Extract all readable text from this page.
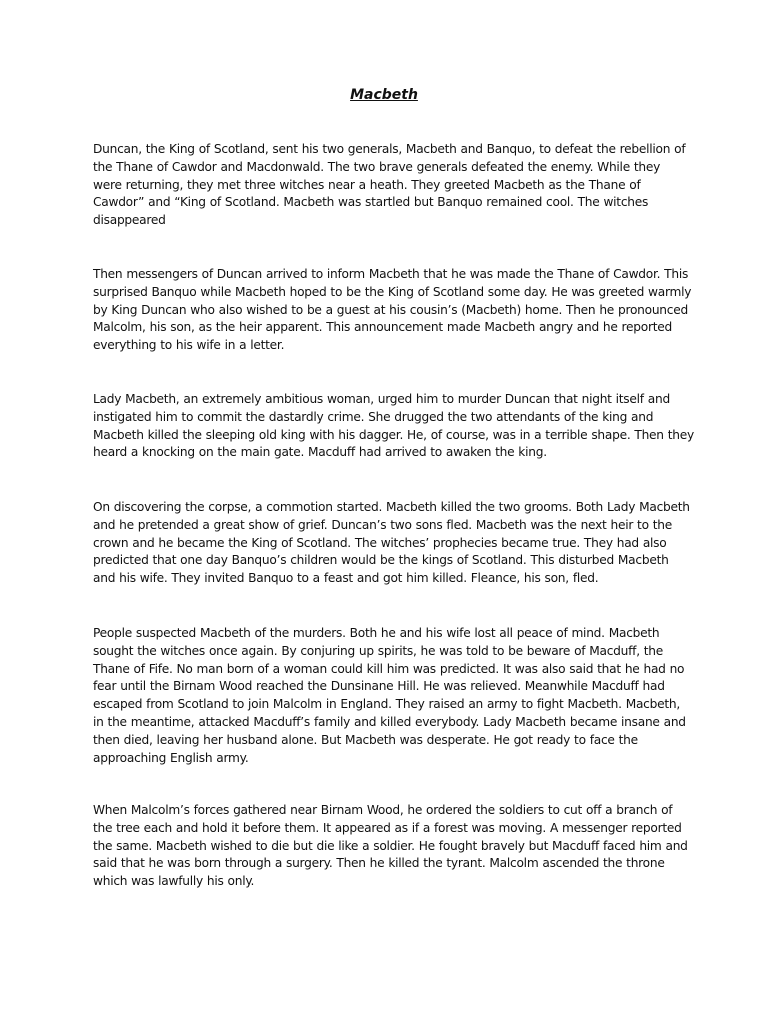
Macbeth

Duncan, the King of Scotland, sent his two generals, Macbeth and Banquo, to defeat the rebellion of
the Thane of Cawdor and Macdonwald. The two brave generals defeated the enemy. While they
were returning, they met three witches near a heath. They greeted Macbeth as the Thane of
Cawdor” and “King of Scotland. Macbeth was startled but Banquo remained cool. The witches
disappeared

Then messengers of Duncan arrived to inform Macbeth that he was made the Thane of Cawdor. This
surprised Banquo while Macbeth hoped to be the King of Scotland some day. He was greeted warmly
by King Duncan who also wished to be a guest at his cousin’s (Macbeth) home. Then he pronounced
Malcolm, his son, as the heir apparent. This announcement made Macbeth angry and he reported
everything to his wife in a letter.

Lady Macbeth, an extremely ambitious woman, urged him to murder Duncan that night itself and
instigated him to commit the dastardly crime. She drugged the two attendants of the king and
Macbeth killed the sleeping old king with his dagger. He, of course, was in a terrible shape. Then they
heard a knocking on the main gate. Macduff had arrived to awaken the king.

On discovering the corpse, a commotion started. Macbeth killed the two grooms. Both Lady Macbeth
and he pretended a great show of grief. Duncan’s two sons fled. Macbeth was the next heir to the
crown and he became the King of Scotland. The witches’ prophecies became true. They had also
predicted that one day Banquo’s children would be the kings of Scotland. This disturbed Macbeth
and his wife. They invited Banquo to a feast and got him killed. Fleance, his son, fled.

People suspected Macbeth of the murders. Both he and his wife lost all peace of mind. Macbeth
sought the witches once again. By conjuring up spirits, he was told to be beware of Macduff, the
Thane of Fife. No man born of a woman could kill him was predicted. It was also said that he had no
fear until the Birnam Wood reached the Dunsinane Hill. He was relieved. Meanwhile Macduff had
escaped from Scotland to join Malcolm in England. They raised an army to fight Macbeth. Macbeth,
in the meantime, attacked Macduff’s family and killed everybody. Lady Macbeth became insane and
then died, leaving her husband alone. But Macbeth was desperate. He got ready to face the
approaching English army.

When Malcolm’s forces gathered near Birnam Wood, he ordered the soldiers to cut off a branch of
the tree each and hold it before them. It appeared as if a forest was moving. A messenger reported
the same. Macbeth wished to die but die like a soldier. He fought bravely but Macduff faced him and
said that he was born through a surgery. Then he killed the tyrant. Malcolm ascended the throne
which was lawfully his only.
